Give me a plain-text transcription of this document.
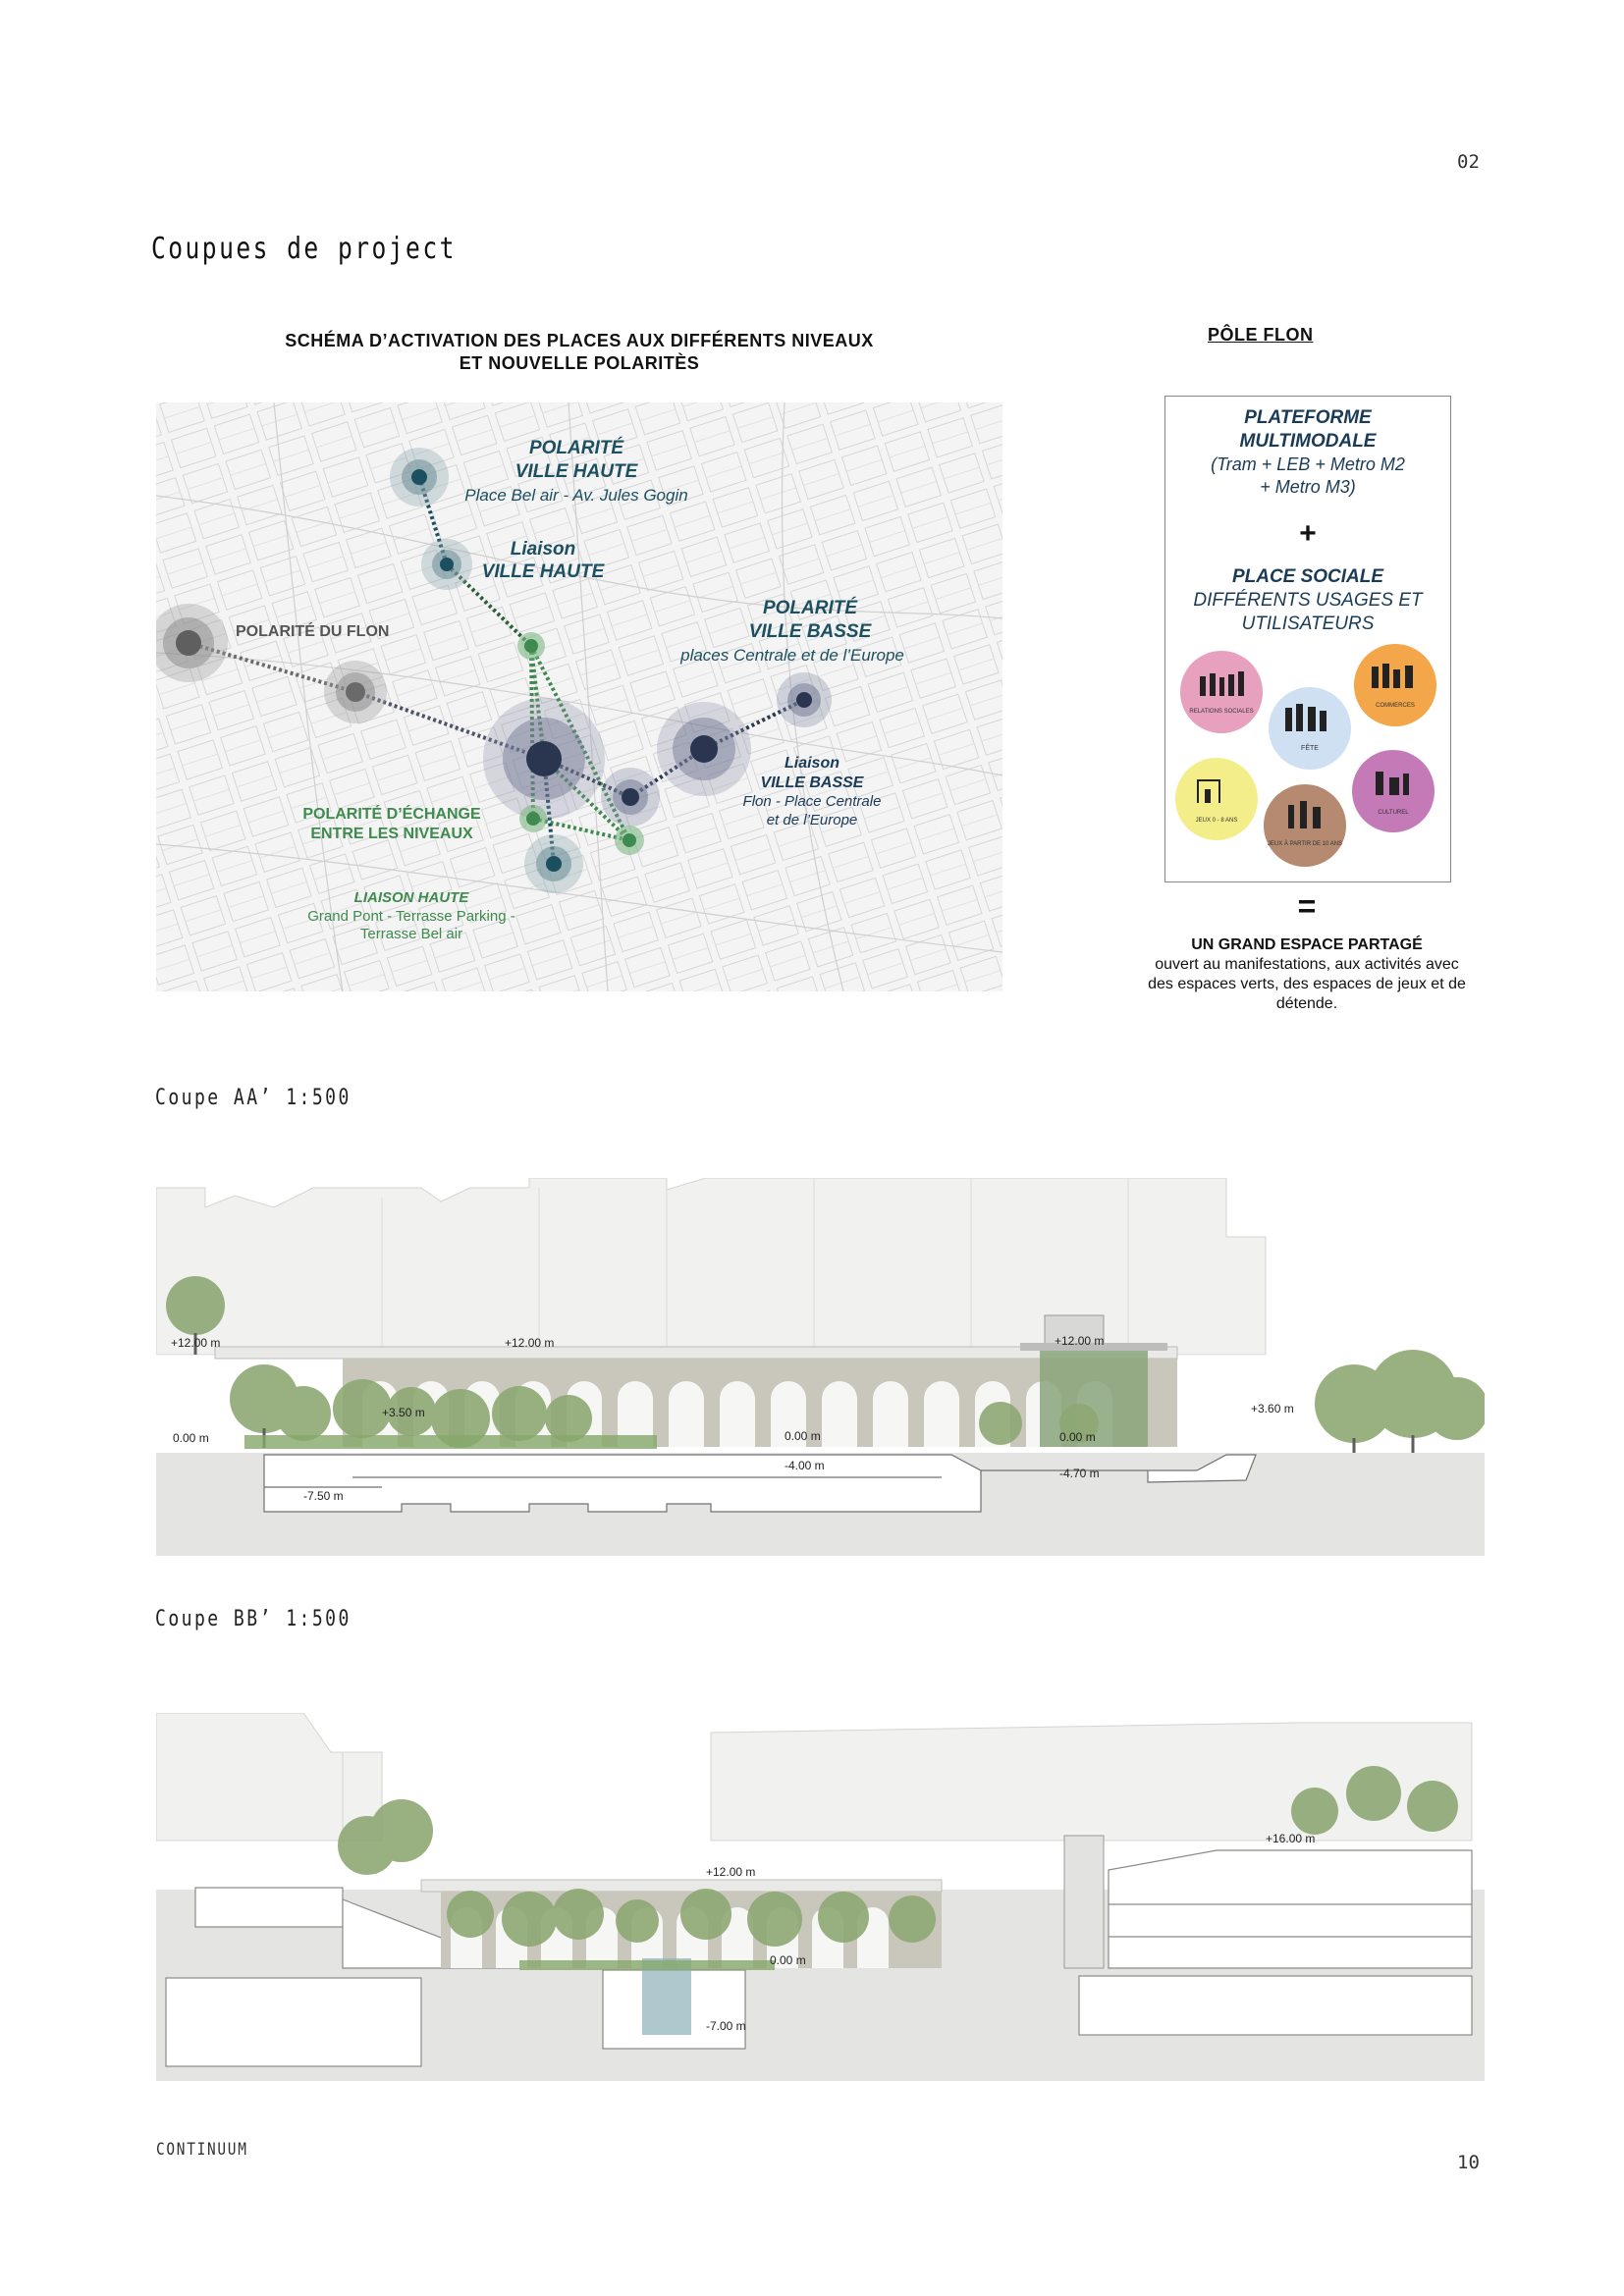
02
Coupues de project
SCHÉMA D’ACTIVATION DES PLACES AUX DIFFÉRENTS NIVEAUX
ET NOUVELLE POLARITÈS
POLARITÉ
VILLE HAUTE
Liaison
VILLE HAUTE
POLARITÉ
VILLE BASSE
Place Bel air - Av. Jules Gogin
places Centrale et de l’Europe
Liaison
VILLE BASSE
Flon - Place Centrale
et de l’Europe
POLARITÉ DU FLON
POLARITÉ D’ÉCHANGE
ENTRE LES NIVEAUX
LIAISON HAUTE
Grand Pont - Terrasse Parking -
Terrasse Bel air
PÔLE FLON
PLATEFORME
MULTIMODALE
(Tram + LEB + Metro M2
+ Metro M3)
+
PLACE SOCIALE
DIFFÉRENTS USAGES ET
UTILISATEURS
RELATIONS SOCIALES
COMMERCES
FÊTE
JEUX 0 - 8 ANS
CULTUREL
JEUX À PARTIR DE 10 ANS
=
UN GRAND ESPACE PARTAGÉ
ouvert au manifestations, aux activités avec
des espaces verts, des espaces de jeux et de
détende.
Coupe AA’ 1:500
+12.00 m	+12.00 m	+12.00 m
+3.50 m
0.00 m	0.00 m	0.00 m
+3.60 m
-4.00 m
-4.70 m
-7.50 m
Coupe BB’ 1:500
+12.00 m
+16.00 m
0.00 m
-7.00 m
CONTINUUM
10
